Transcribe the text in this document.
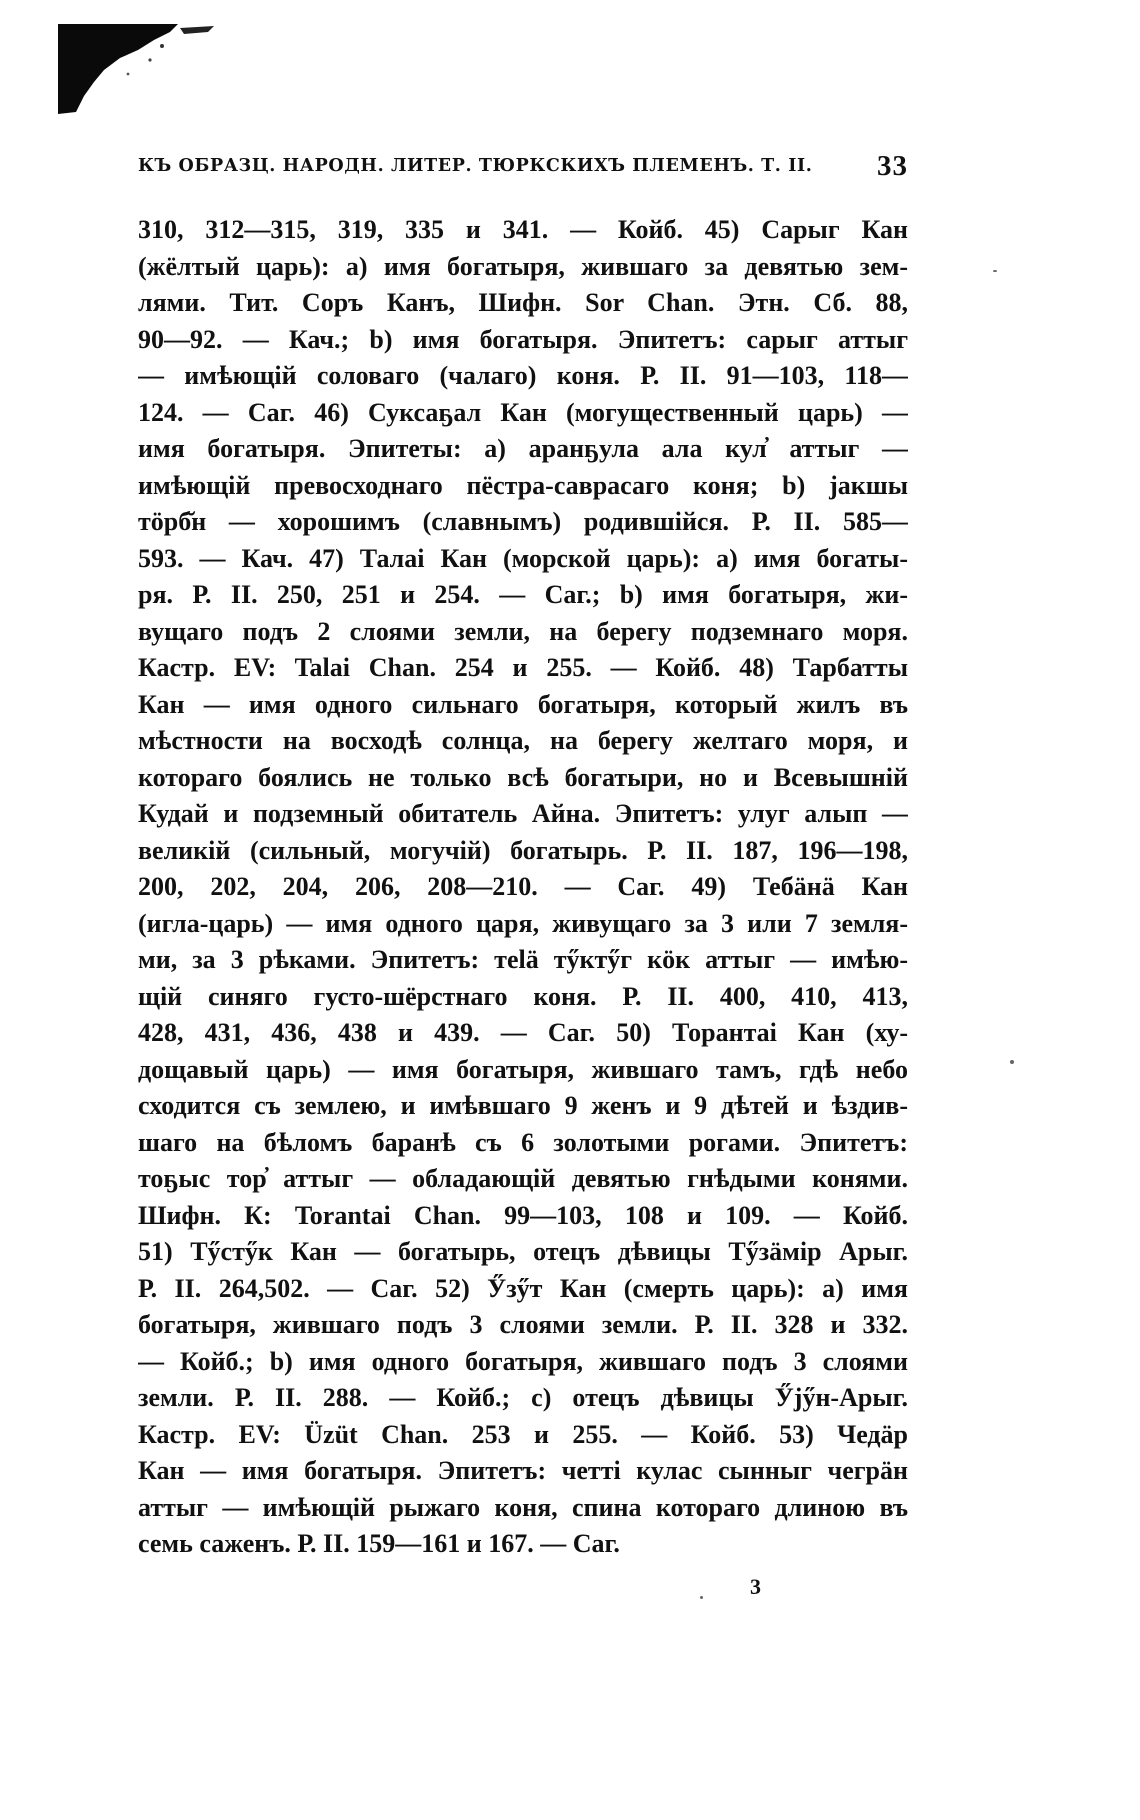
КЪ ОБРАЗЦ. НАРОДН. ЛИТЕР. ТЮРКСКИХЪ ПЛЕМЕНЪ. Т. II. 33
310, 312—315, 319, 335 и 341. — Койб. 45) Сарыг Кан
(жёлтый царь): а) имя богатыря, жившаго за девятью зем-
лями. Тит. Соръ Канъ, Шифн. Sor Chan. Этн. Сб. 88,
90—92. — Кач.; b) имя богатыря. Эпитетъ: сарыг аттыг
— имѣющій соловаго (чалаго) коня. Р. II. 91—103, 118—
124. — Саг. 46) Суксаҕал Кан (могущественный царь) —
имя богатыря. Эпитеты: а) аранҕула ала кул̓ аттыг —
имѣющій превосходнаго пёстра-саврасаго коня; b) јакшы
тӧрб̆н — хорошимъ (славнымъ) родившійся. Р. II. 585—
593. — Кач. 47) Талаі Кан (морской царь): а) имя богаты-
ря. Р. II. 250, 251 и 254. — Саг.; b) имя богатыря, жи-
вущаго подъ 2 слоями земли, на берегу подземнаго моря.
Кастр. EV: Talai Chan. 254 и 255. — Койб. 48) Тарбатты
Кан — имя одного сильнаго богатыря, который жилъ въ
мѣстности на восходѣ солнца, на берегу желтаго моря, и
котораго боялись не только всѣ богатыри, но и Всевышній
Кудай и подземный обитатель Айна. Эпитетъ: улуг алып —
великій (сильный, могучій) богатырь. Р. II. 187, 196—198,
200, 202, 204, 206, 208—210. — Саг. 49) Тебӓнӓ Кан
(игла-царь) — имя одного царя, живущаго за 3 или 7 земля-
ми, за 3 рѣками. Эпитетъ: теlӓ тӳктӳг кӧк аттыг — имѣю-
щій синяго густо-шёрстнаго коня. Р. II. 400, 410, 413,
428, 431, 436, 438 и 439. — Саг. 50) Торантаі Кан (ху-
дощавый царь) — имя богатыря, жившаго тамъ, гдѣ небо
сходится съ землею, и имѣвшаго 9 женъ и 9 дѣтей и ѣздив-
шаго на бѣломъ баранѣ съ 6 золотыми рогами. Эпитетъ:
тоҕыс тор̓ аттыг — обладающій девятью гнѣдыми конями.
Шифн. К: Torantai Chan. 99—103, 108 и 109. — Койб.
51) Тӳстӳк Кан — богатырь, отецъ дѣвицы Тӳзӓмір Арыг.
Р. II. 264,502. — Саг. 52) Ӳзӳт Кан (смерть царь): а) имя
богатыря, жившаго подъ 3 слоями земли. Р. II. 328 и 332.
— Койб.; b) имя одного богатыря, жившаго подъ 3 слоями
земли. Р. II. 288. — Койб.; с) отецъ дѣвицы Ӳјӳн-Арыг.
Кастр. EV: Üzüt Chan. 253 и 255. — Койб. 53) Чедӓр
Кан — имя богатыря. Эпитетъ: четті кулас сынныг чегрӓн
аттыг — имѣющій рыжаго коня, спина котораго длиною въ
семь саженъ. Р. II. 159—161 и 167. — Саг.
3
